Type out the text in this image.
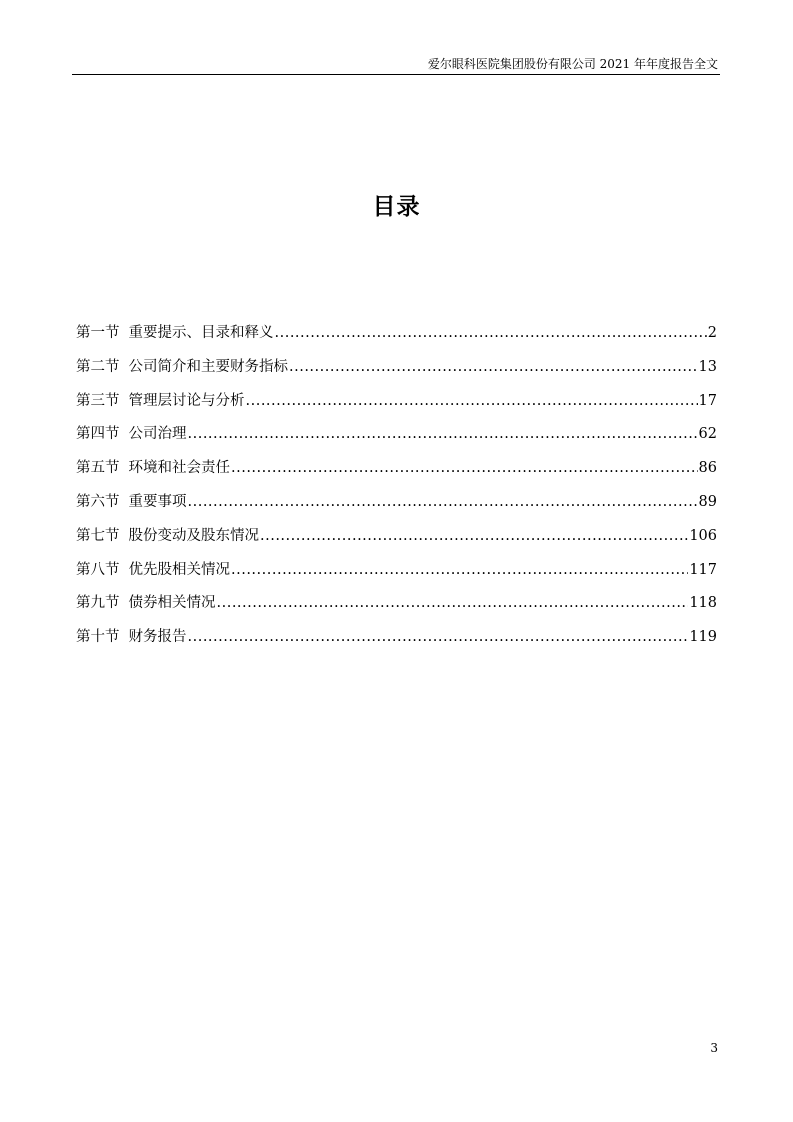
爱尔眼科医院集团股份有限公司 2021 年年度报告全文
目录
第一节 重要提示、目录和释义 .....	2
第二节 公司简介和主要财务指标 .....	13
第三节 管理层讨论与分析 .....	17
第四节 公司治理 .....	62
第五节 环境和社会责任 .....	86
第六节 重要事项 .....	89
第七节 股份变动及股东情况 .....	106
第八节 优先股相关情况 .....	117
第九节 债券相关情况 .....	118
第十节 财务报告 .....	119
3
